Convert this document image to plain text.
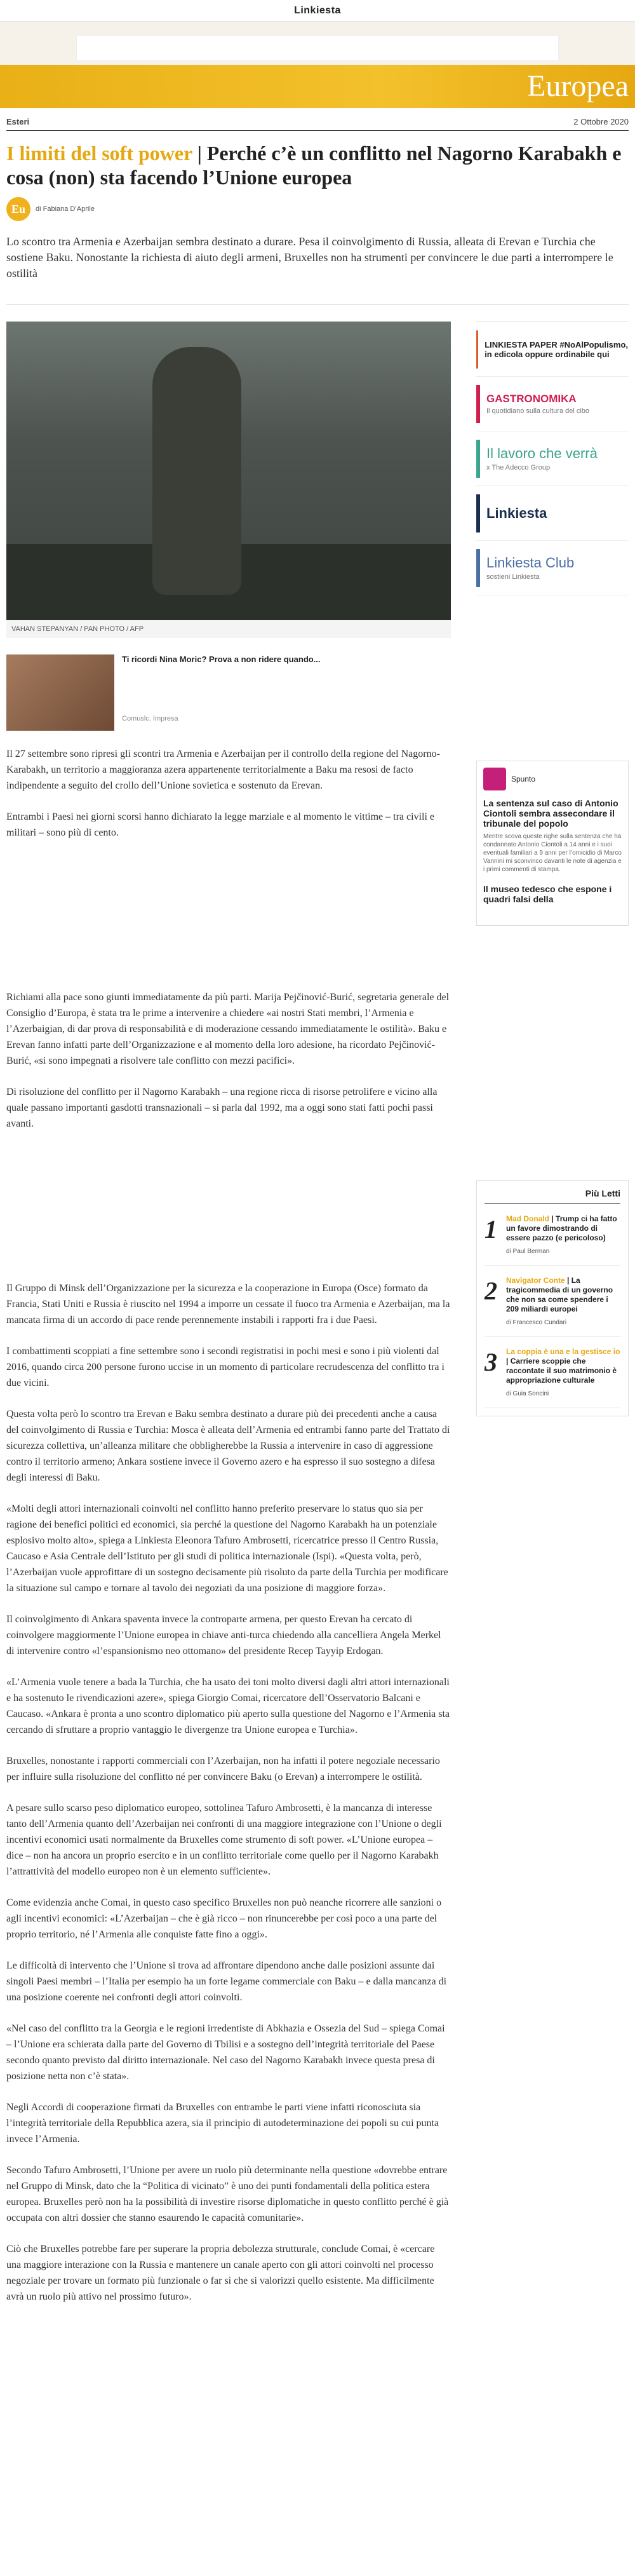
Linkiesta
Europea
Esteri	2 Ottobre 2020
I limiti del soft power | Perché c’è un conflitto nel Nagorno Karabakh e cosa (non) sta facendo l’Unione europea
Eu	di Fabiana D’Aprile

Lo scontro tra Armenia e Azerbaijan sembra destinato a durare. Pesa il coinvolgimento di Russia, alleata di Erevan e Turchia che sostiene Baku. Nonostante la richiesta di aiuto degli armeni, Bruxelles non ha strumenti per convincere le due parti a interrompere le ostilità

VAHAN STEPANYAN / PAN PHOTO / AFP
Ti ricordi Nina Moric? Prova a non ridere quando...
Comuslc. Impresa

Il 27 settembre sono ripresi gli scontri tra Armenia e Azerbaijan per il controllo della regione del Nagorno-Karabakh, un territorio a maggioranza azera appartenente territorialmente a Baku ma resosi de facto indipendente a seguito del crollo dell’Unione sovietica e sostenuto da Erevan.

Entrambi i Paesi nei giorni scorsi hanno dichiarato la legge marziale e al momento le vittime – tra civili e militari – sono più di cento.

Richiami alla pace sono giunti immediatamente da più parti. Marija Pejčinović-Burić, segretaria generale del Consiglio d’Europa, è stata tra le prime a intervenire a chiedere «ai nostri Stati membri, l’Armenia e l’Azerbaigian, di dar prova di responsabilità e di moderazione cessando immediatamente le ostilità». Baku e Erevan fanno infatti parte dell’Organizzazione e al momento della loro adesione, ha ricordato Pejčinović-Burić, «si sono impegnati a risolvere tale conflitto con mezzi pacifici».

Di risoluzione del conflitto per il Nagorno Karabakh – una regione ricca di risorse petrolifere e vicino alla quale passano importanti gasdotti transnazionali – si parla dal 1992, ma a oggi sono stati fatti pochi passi avanti.

Il Gruppo di Minsk dell’Organizzazione per la sicurezza e la cooperazione in Europa (Osce) formato da Francia, Stati Uniti e Russia è riuscito nel 1994 a imporre un cessate il fuoco tra Armenia e Azerbaijan, ma la mancata firma di un accordo di pace rende perennemente instabili i rapporti fra i due Paesi.

I combattimenti scoppiati a fine settembre sono i secondi registratisi in pochi mesi e sono i più violenti dal 2016, quando circa 200 persone furono uccise in un momento di particolare recrudescenza del conflitto tra i due vicini.

Questa volta però lo scontro tra Erevan e Baku sembra destinato a durare più dei precedenti anche a causa del coinvolgimento di Russia e Turchia: Mosca è alleata dell’Armenia ed entrambi fanno parte del Trattato di sicurezza collettiva, un’alleanza militare che obbligherebbe la Russia a intervenire in caso di aggressione contro il territorio armeno; Ankara sostiene invece il Governo azero e ha espresso il suo sostegno a difesa degli interessi di Baku.

«Molti degli attori internazionali coinvolti nel conflitto hanno preferito preservare lo status quo sia per ragione dei benefici politici ed economici, sia perché la questione del Nagorno Karabakh ha un potenziale esplosivo molto alto», spiega a Linkiesta Eleonora Tafuro Ambrosetti, ricercatrice presso il Centro Russia, Caucaso e Asia Centrale dell’Istituto per gli studi di politica internazionale (Ispi). «Questa volta, però, l’Azerbaijan vuole approfittare di un sostegno decisamente più risoluto da parte della Turchia per modificare la situazione sul campo e tornare al tavolo dei negoziati da una posizione di maggiore forza».

Il coinvolgimento di Ankara spaventa invece la controparte armena, per questo Erevan ha cercato di coinvolgere maggiormente l’Unione europea in chiave anti-turca chiedendo alla cancelliera Angela Merkel di intervenire contro «l’espansionismo neo ottomano» del presidente Recep Tayyip Erdogan.

«L’Armenia vuole tenere a bada la Turchia, che ha usato dei toni molto diversi dagli altri attori internazionali e ha sostenuto le rivendicazioni azere», spiega Giorgio Comai, ricercatore dell’Osservatorio Balcani e Caucaso. «Ankara è pronta a uno scontro diplomatico più aperto sulla questione del Nagorno e l’Armenia sta cercando di sfruttare a proprio vantaggio le divergenze tra Unione europea e Turchia».

Bruxelles, nonostante i rapporti commerciali con l’Azerbaijan, non ha infatti il potere negoziale necessario per influire sulla risoluzione del conflitto né per convincere Baku (o Erevan) a interrompere le ostilità.

A pesare sullo scarso peso diplomatico europeo, sottolinea Tafuro Ambrosetti, è la mancanza di interesse tanto dell’Armenia quanto dell’Azerbaijan nei confronti di una maggiore integrazione con l’Unione o degli incentivi economici usati normalmente da Bruxelles come strumento di soft power. «L’Unione europea – dice – non ha ancora un proprio esercito e in un conflitto territoriale come quello per il Nagorno Karabakh l’attrattività del modello europeo non è un elemento sufficiente».

Come evidenzia anche Comai, in questo caso specifico Bruxelles non può neanche ricorrere alle sanzioni o agli incentivi economici: «L’Azerbaijan – che è già ricco – non rinuncerebbe per così poco a una parte del proprio territorio, né l’Armenia alle conquiste fatte fino a oggi».

Le difficoltà di intervento che l’Unione si trova ad affrontare dipendono anche dalle posizioni assunte dai singoli Paesi membri – l’Italia per esempio ha un forte legame commerciale con Baku – e dalla mancanza di una posizione coerente nei confronti degli attori coinvolti.

«Nel caso del conflitto tra la Georgia e le regioni irredentiste di Abkhazia e Ossezia del Sud – spiega Comai – l’Unione era schierata dalla parte del Governo di Tbilisi e a sostegno dell’integrità territoriale del Paese secondo quanto previsto dal diritto internazionale. Nel caso del Nagorno Karabakh invece questa presa di posizione netta non c’è stata».

Negli Accordi di cooperazione firmati da Bruxelles con entrambe le parti viene infatti riconosciuta sia l’integrità territoriale della Repubblica azera, sia il principio di autodeterminazione dei popoli su cui punta invece l’Armenia.

Secondo Tafuro Ambrosetti, l’Unione per avere un ruolo più determinante nella questione «dovrebbe entrare nel Gruppo di Minsk, dato che la “Politica di vicinato” è uno dei punti fondamentali della politica estera europea. Bruxelles però non ha la possibilità di investire risorse diplomatiche in questo conflitto perché è già occupata con altri dossier che stanno esaurendo le capacità comunitarie».

Ciò che Bruxelles potrebbe fare per superare la propria debolezza strutturale, conclude Comai, è «cercare una maggiore interazione con la Russia e mantenere un canale aperto con gli attori coinvolti nel processo negoziale per trovare un formato più funzionale o far sì che si valorizzi quello esistente. Ma difficilmente avrà un ruolo più attivo nel prossimo futuro».

LINKIESTA PAPER #NoAlPopulismo, in edicola oppure ordinabile qui
GASTRONOMIKA
Il quotidiano sulla cultura del cibo
Il lavoro che verrà
x The Adecco Group
Linkiesta
Linkiesta Club
sostieni Linkiesta
Spunto
La sentenza sul caso di Antonio Ciontoli sembra assecondare il tribunale del popolo
Mentre scova queste righe sulla sentenza che ha condannato Antonio Ciontoli a 14 anni e i suoi eventuali familiari a 9 anni per l’omicidio di Marco Vannini mi sconvinco davanti le note di agenzia e i primi commenti di stampa.
Il museo tedesco che espone i quadri falsi della
Più Letti
1 Mad Donald | Trump ci ha fatto un favore dimostrando di essere pazzo (e pericoloso)
di Paul Berman
2 Navigator Conte | La tragicommedia di un governo che non sa come spendere i 209 miliardi europei
di Francesco Cundari
3 La coppia è una e la gestisce io | Carriere scoppie che raccontate il suo matrimonio è appropriazione culturale
di Guia Soncini
